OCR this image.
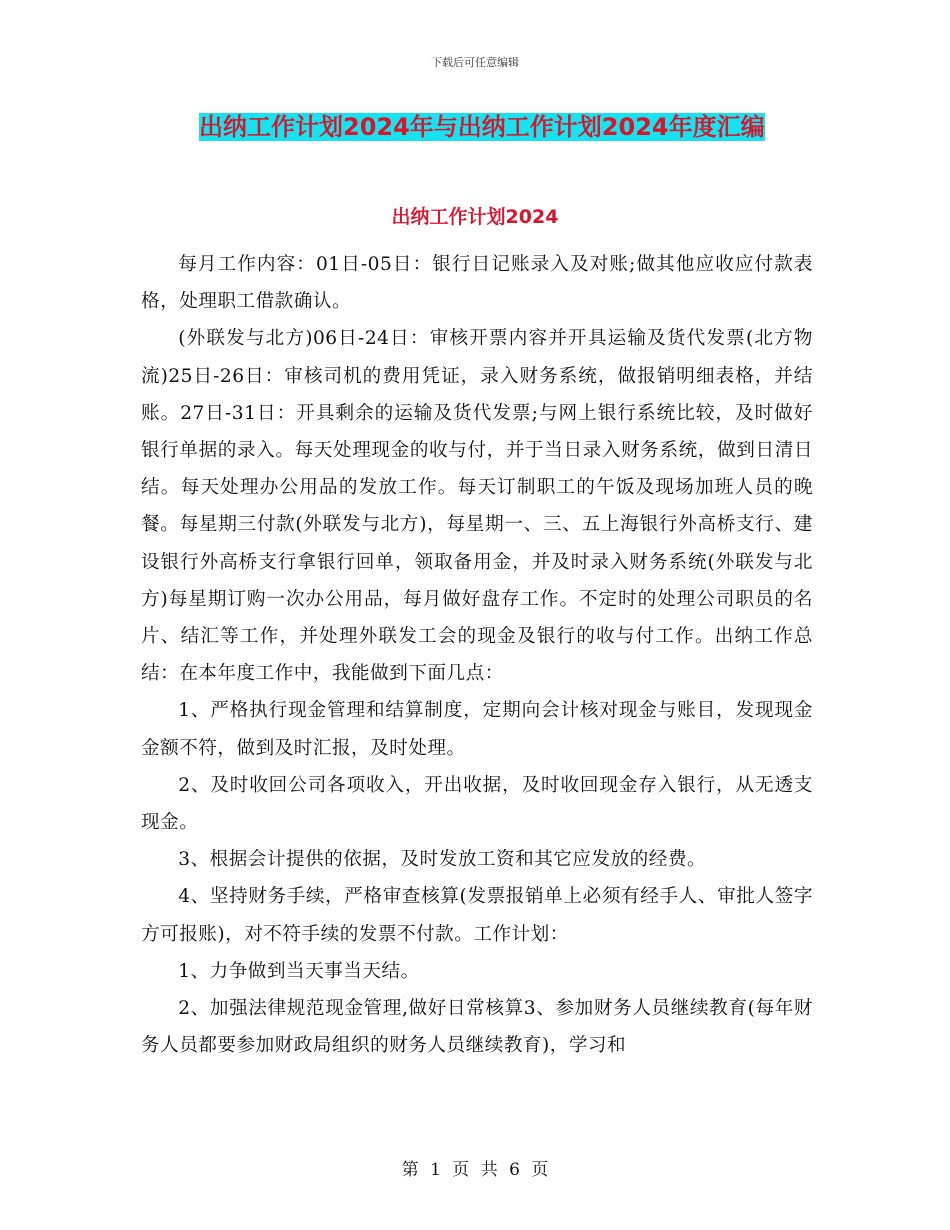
下载后可任意编辑
出纳工作计划2024年与出纳工作计划2024年度汇编
出纳工作计划2024

每月工作内容：01日-05日：银行日记账录入及对账;做其他应收应付款表格，处理职工借款确认。

(外联发与北方)06日-24日：审核开票内容并开具运输及货代发票(北方物流)25日-26日：审核司机的费用凭证，录入财务系统，做报销明细表格，并结账。27日-31日：开具剩余的运输及货代发票;与网上银行系统比较，及时做好银行单据的录入。每天处理现金的收与付，并于当日录入财务系统，做到日清日结。每天处理办公用品的发放工作。每天订制职工的午饭及现场加班人员的晚餐。每星期三付款(外联发与北方)，每星期一、三、五上海银行外高桥支行、建设银行外高桥支行拿银行回单，领取备用金，并及时录入财务系统(外联发与北方)每星期订购一次办公用品，每月做好盘存工作。不定时的处理公司职员的名片、结汇等工作，并处理外联发工会的现金及银行的收与付工作。出纳工作总结：在本年度工作中，我能做到下面几点：

1、严格执行现金管理和结算制度，定期向会计核对现金与账目，发现现金金额不符，做到及时汇报，及时处理。

2、及时收回公司各项收入，开出收据，及时收回现金存入银行，从无透支现金。

3、根据会计提供的依据，及时发放工资和其它应发放的经费。

4、坚持财务手续，严格审查核算(发票报销单上必须有经手人、审批人签字方可报账)，对不符手续的发票不付款。工作计划：

1、力争做到当天事当天结。

2、加强法律规范现金管理,做好日常核算3、参加财务人员继续教育(每年财务人员都要参加财政局组织的财务人员继续教育)，学习和

第 1 页 共 6 页
